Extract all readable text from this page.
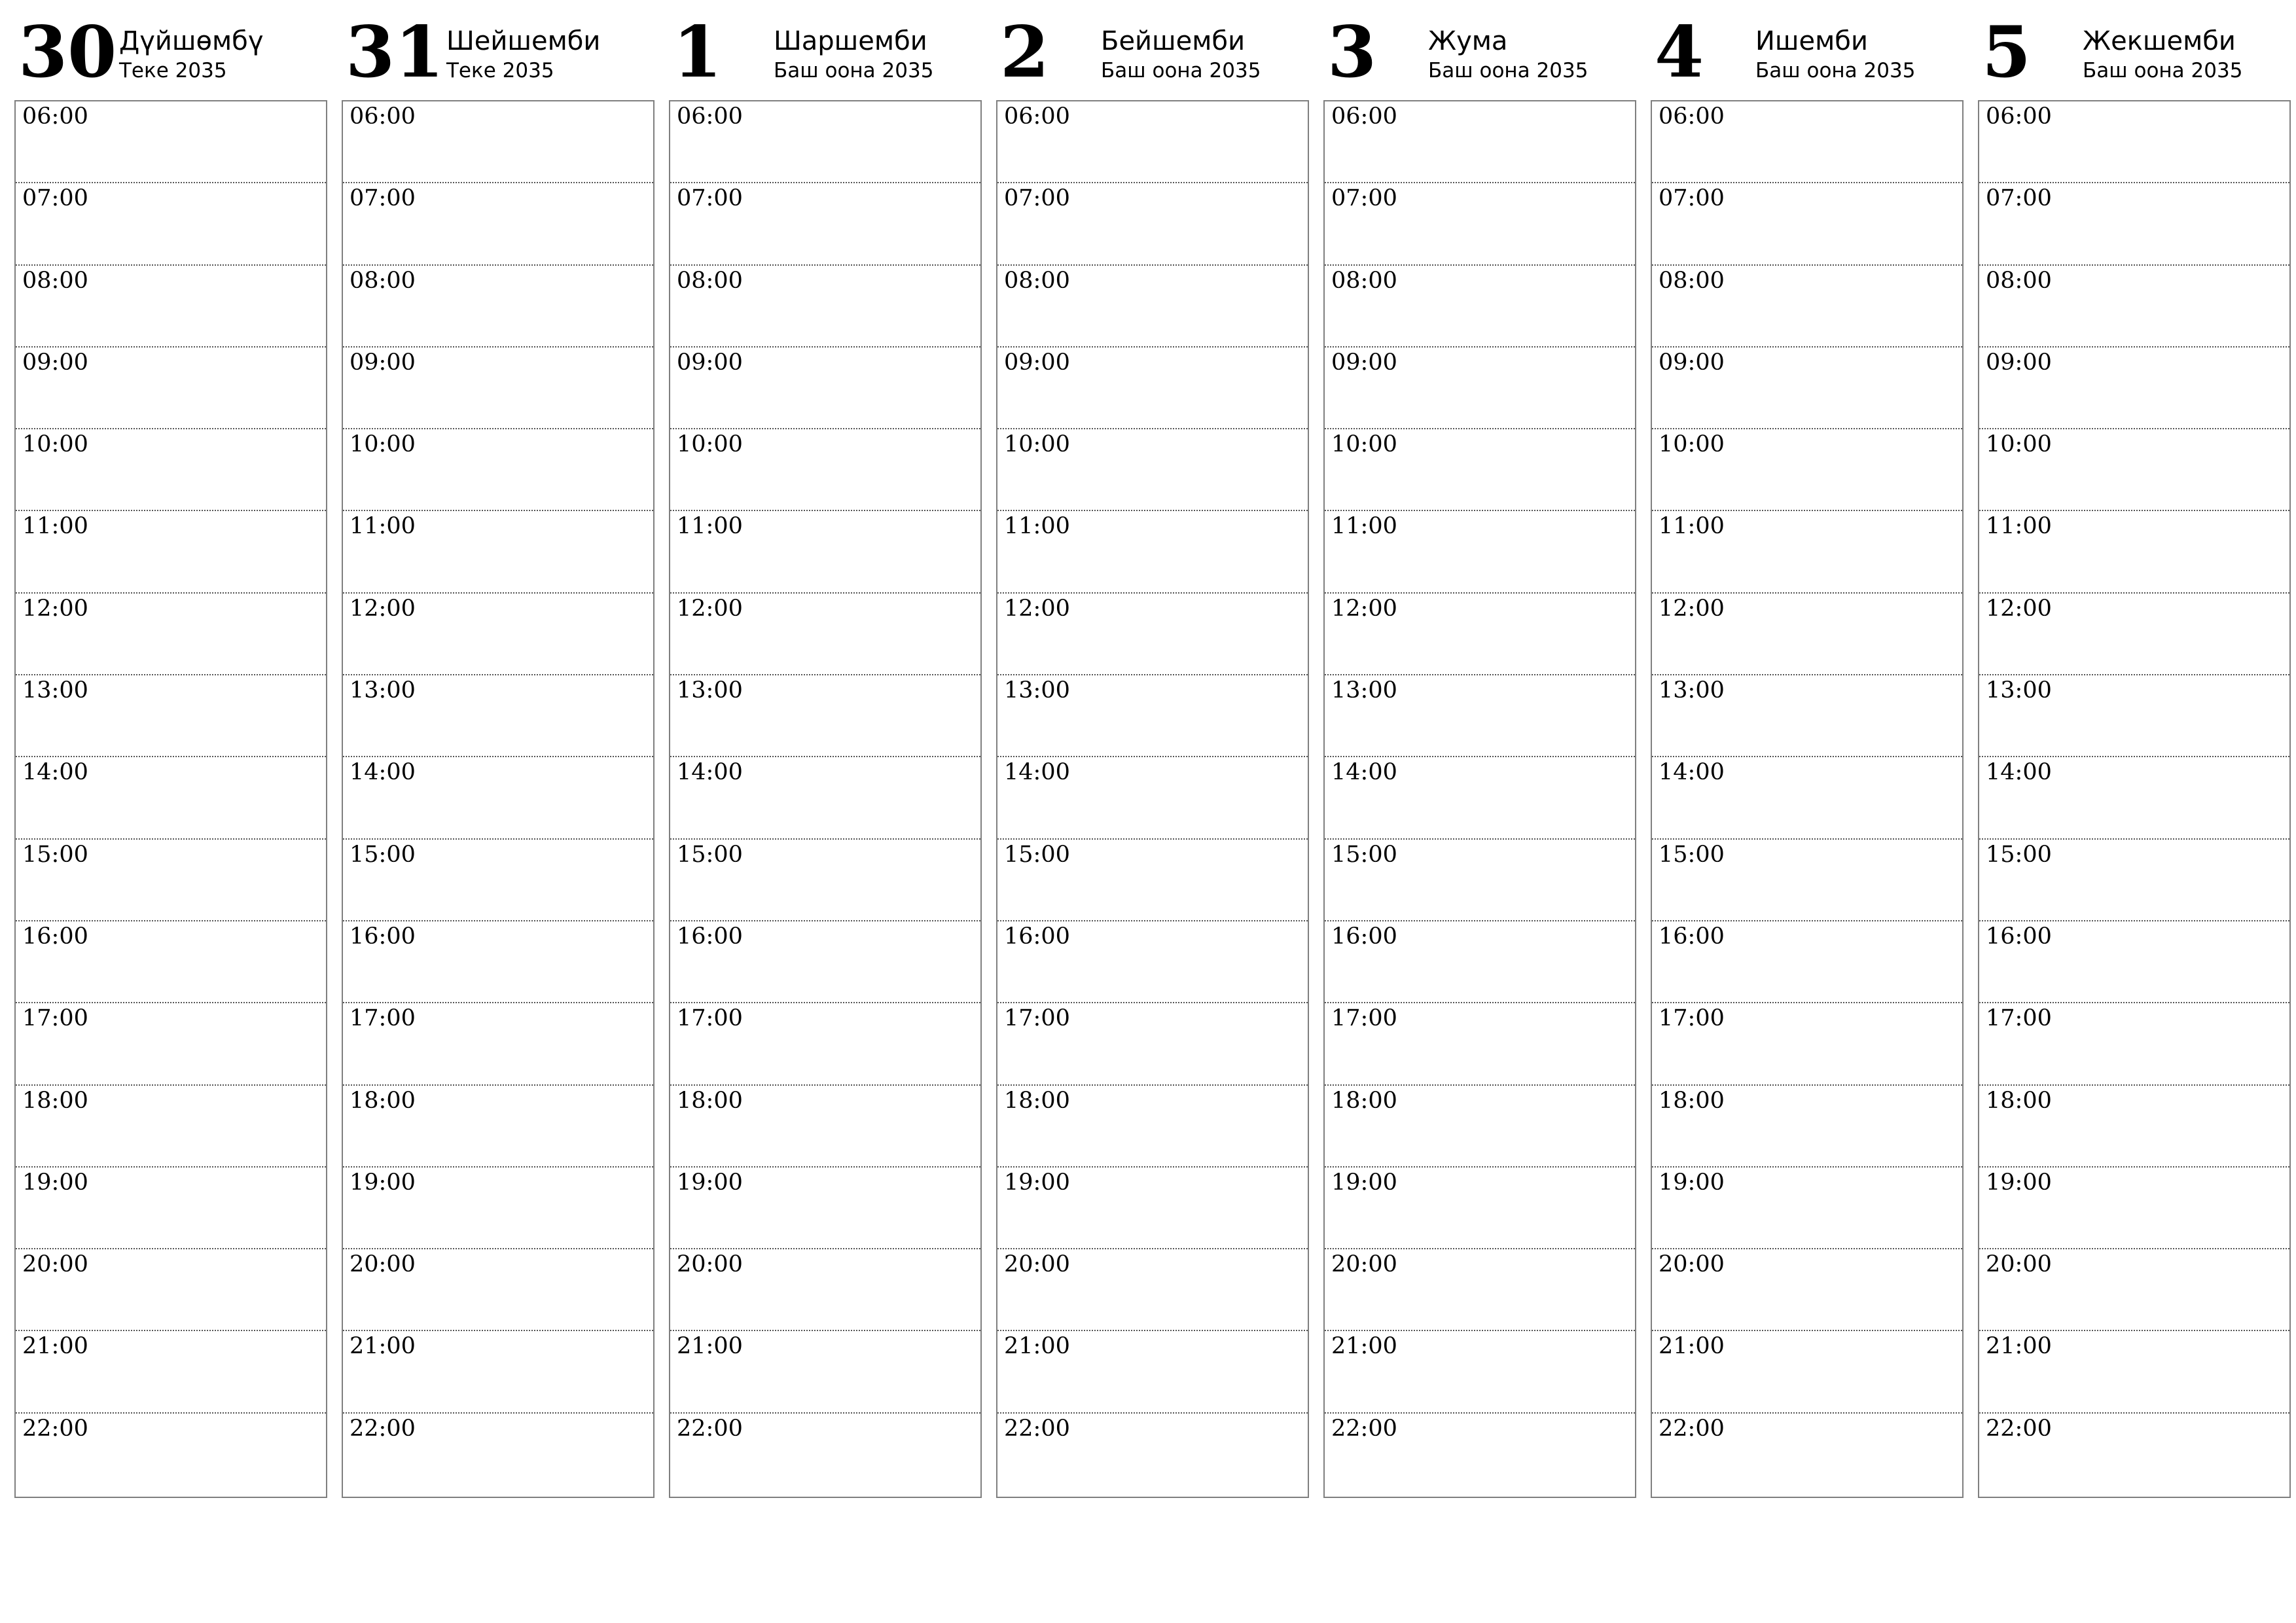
30 Дүйшөмбү
Теке 2035
06:00
07:00
08:00
09:00
10:00
11:00
12:00
13:00
14:00
15:00
16:00
17:00
18:00
19:00
20:00
21:00
22:00
31 Шейшемби
Теке 2035
06:00
07:00
08:00
09:00
10:00
11:00
12:00
13:00
14:00
15:00
16:00
17:00
18:00
19:00
20:00
21:00
22:00
1 Шаршемби
Баш оона 2035
06:00
07:00
08:00
09:00
10:00
11:00
12:00
13:00
14:00
15:00
16:00
17:00
18:00
19:00
20:00
21:00
22:00
2 Бейшемби
Баш оона 2035
06:00
07:00
08:00
09:00
10:00
11:00
12:00
13:00
14:00
15:00
16:00
17:00
18:00
19:00
20:00
21:00
22:00
3 Жума
Баш оона 2035
06:00
07:00
08:00
09:00
10:00
11:00
12:00
13:00
14:00
15:00
16:00
17:00
18:00
19:00
20:00
21:00
22:00
4 Ишемби
Баш оона 2035
06:00
07:00
08:00
09:00
10:00
11:00
12:00
13:00
14:00
15:00
16:00
17:00
18:00
19:00
20:00
21:00
22:00
5 Жекшемби
Баш оона 2035
06:00
07:00
08:00
09:00
10:00
11:00
12:00
13:00
14:00
15:00
16:00
17:00
18:00
19:00
20:00
21:00
22:00
